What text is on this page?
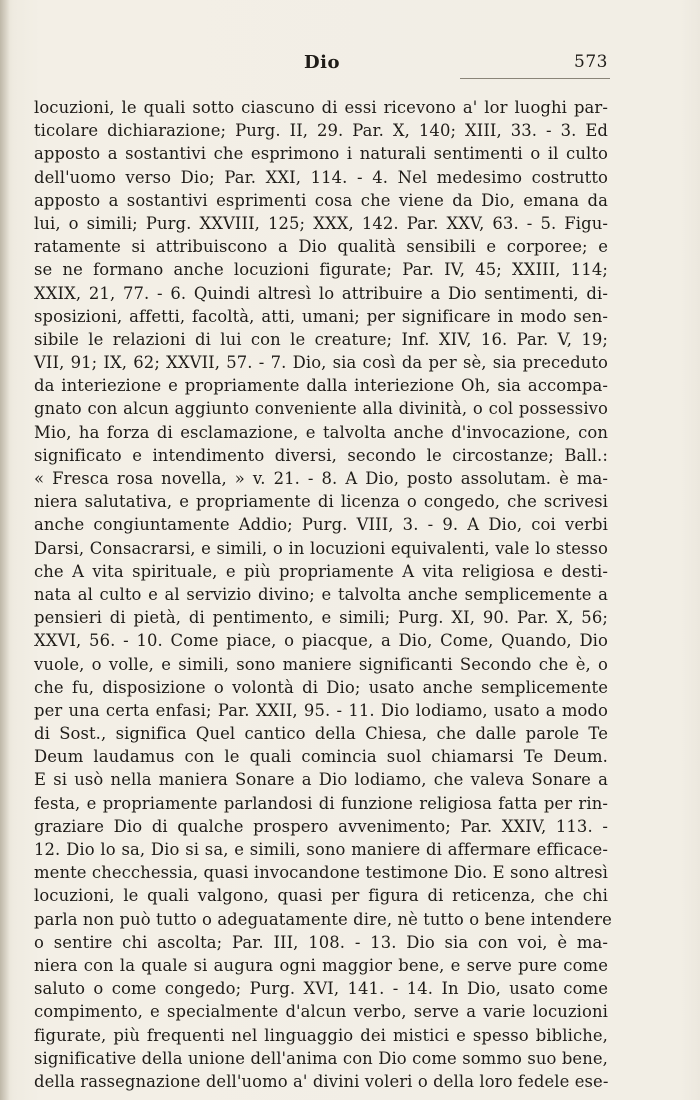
Dio	573
locuzioni, le quali sotto ciascuno di essi ricevono a' lor luoghi par-
ticolare dichiarazione; Purg. II, 29. Par. X, 140; XIII, 33. - 3. Ed
apposto a sostantivi che esprimono i naturali sentimenti o il culto
dell'uomo verso Dio; Par. XXI, 114. - 4. Nel medesimo costrutto
apposto a sostantivi esprimenti cosa che viene da Dio, emana da
lui, o simili; Purg. XXVIII, 125; XXX, 142. Par. XXV, 63. - 5. Figu-
ratamente si attribuiscono a Dio qualità sensibili e corporee; e
se ne formano anche locuzioni figurate; Par. IV, 45; XXIII, 114;
XXIX, 21, 77. - 6. Quindi altresì lo attribuire a Dio sentimenti, di-
sposizioni, affetti, facoltà, atti, umani; per significare in modo sen-
sibile le relazioni di lui con le creature; Inf. XIV, 16. Par. V, 19;
VII, 91; IX, 62; XXVII, 57. - 7. Dio, sia così da per sè, sia preceduto
da interiezione e propriamente dalla interiezione Oh, sia accompa-
gnato con alcun aggiunto conveniente alla divinità, o col possessivo
Mio, ha forza di esclamazione, e talvolta anche d'invocazione, con
significato e intendimento diversi, secondo le circostanze; Ball.:
« Fresca rosa novella, » v. 21. - 8. A Dio, posto assolutam. è ma-
niera salutativa, e propriamente di licenza o congedo, che scrivesi
anche congiuntamente Addio; Purg. VIII, 3. - 9. A Dio, coi verbi
Darsi, Consacrarsi, e simili, o in locuzioni equivalenti, vale lo stesso
che A vita spirituale, e più propriamente A vita religiosa e desti-
nata al culto e al servizio divino; e talvolta anche semplicemente a
pensieri di pietà, di pentimento, e simili; Purg. XI, 90. Par. X, 56;
XXVI, 56. - 10. Come piace, o piacque, a Dio, Come, Quando, Dio
vuole, o volle, e simili, sono maniere significanti Secondo che è, o
che fu, disposizione o volontà di Dio; usato anche semplicemente
per una certa enfasi; Par. XXII, 95. - 11. Dio lodiamo, usato a modo
di Sost., significa Quel cantico della Chiesa, che dalle parole Te
Deum laudamus con le quali comincia suol chiamarsi Te Deum.
E si usò nella maniera Sonare a Dio lodiamo, che valeva Sonare a
festa, e propriamente parlandosi di funzione religiosa fatta per rin-
graziare Dio di qualche prospero avvenimento; Par. XXIV, 113. -
12. Dio lo sa, Dio si sa, e simili, sono maniere di affermare efficace-
mente checchessia, quasi invocandone testimone Dio. E sono altresì
locuzioni, le quali valgono, quasi per figura di reticenza, che chi
parla non può tutto o adeguatamente dire, nè tutto o bene intendere
o sentire chi ascolta; Par. III, 108. - 13. Dio sia con voi, è ma-
niera con la quale si augura ogni maggior bene, e serve pure come
saluto o come congedo; Purg. XVI, 141. - 14. In Dio, usato come
compimento, e specialmente d'alcun verbo, serve a varie locuzioni
figurate, più frequenti nel linguaggio dei mistici e spesso bibliche,
significative della unione dell'anima con Dio come sommo suo bene,
della rassegnazione dell'uomo a' divini voleri o della loro fedele ese-
